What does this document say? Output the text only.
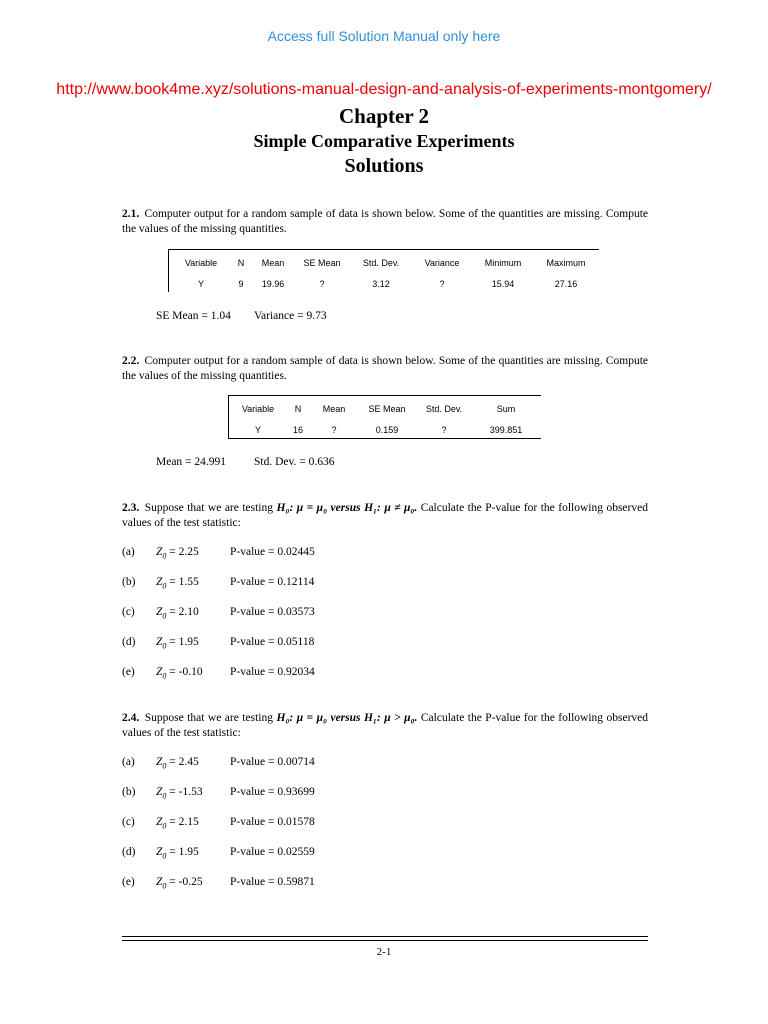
Access full Solution Manual only here
http://www.book4me.xyz/solutions-manual-design-and-analysis-of-experiments-montgomery/
Chapter 2
Simple Comparative Experiments
Solutions
2.1. Computer output for a random sample of data is shown below. Some of the quantities are missing. Compute the values of the missing quantities.
Variable	N	Mean	SE Mean	Std. Dev.	Variance	Minimum	Maximum
Y	9	19.96	?	3.12	?	15.94	27.16
SE Mean = 1.04 Variance = 9.73
2.2. Computer output for a random sample of data is shown below. Some of the quantities are missing. Compute the values of the missing quantities.
Variable	N	Mean	SE Mean	Std. Dev.	Sum
Y	16	?	0.159	?	399.851
Mean = 24.991 Std. Dev. = 0.636
2.3. Suppose that we are testing H₀: μ = μ₀ versus H₁: μ ≠ μ₀. Calculate the P-value for the following observed values of the test statistic:
(a) $Z_0 = 2.25$	P-value = 0.02445
(b) $Z_0 = 1.55$	P-value = 0.12114
(c) $Z_0 = 2.10$	P-value = 0.03573
(d) $Z_0 = 1.95$	P-value = 0.05118
(e) $Z_0 = -0.10$ P-value = 0.92034
2.4. Suppose that we are testing H₀: μ = μ₀ versus H₁: μ > μ₀. Calculate the P-value for the following observed values of the test statistic:
(a) $Z_0 = 2.45$	P-value = 0.00714
(b) $Z_0 = -1.53$ P-value = 0.93699
(c) $Z_0 = 2.15$	P-value = 0.01578
(d) $Z_0 = 1.95$	P-value = 0.02559
(e) $Z_0 = -0.25$ P-value = 0.59871
2-1
